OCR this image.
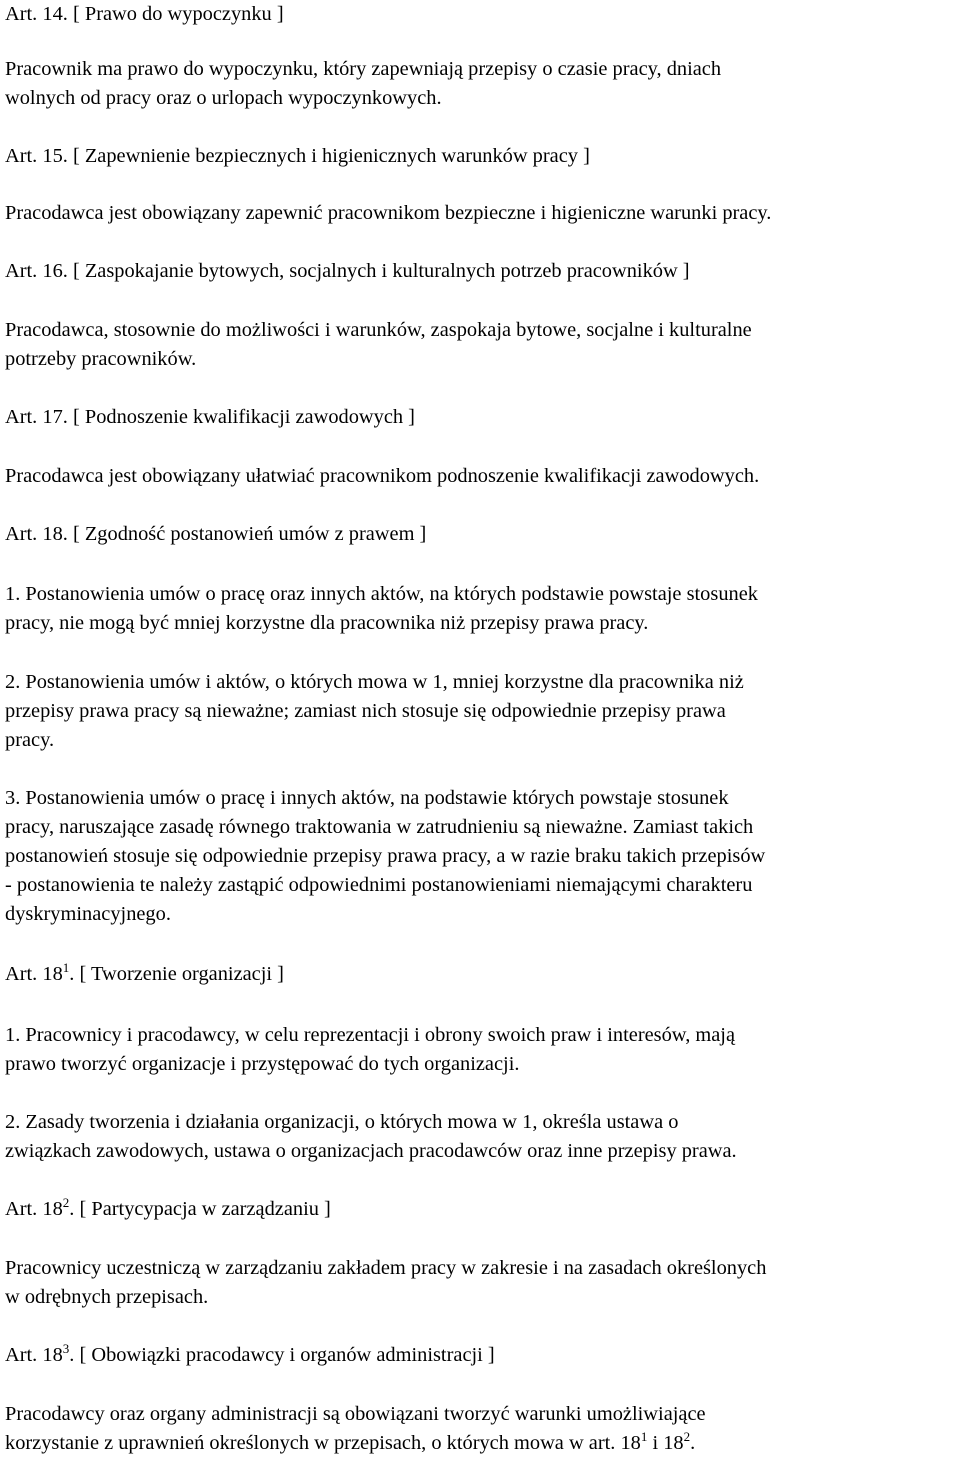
Art. 14. [ Prawo do wypoczynku ]
Pracownik ma prawo do wypoczynku, który zapewniają przepisy o czasie pracy, dniach
wolnych od pracy oraz o urlopach wypoczynkowych.
Art. 15. [ Zapewnienie bezpiecznych i higienicznych warunków pracy ]
Pracodawca jest obowiązany zapewnić pracownikom bezpieczne i higieniczne warunki pracy.
Art. 16. [ Zaspokajanie bytowych, socjalnych i kulturalnych potrzeb pracowników ]
Pracodawca, stosownie do możliwości i warunków, zaspokaja bytowe, socjalne i kulturalne
potrzeby pracowników.
Art. 17. [ Podnoszenie kwalifikacji zawodowych ]
Pracodawca jest obowiązany ułatwiać pracownikom podnoszenie kwalifikacji zawodowych.
Art. 18. [ Zgodność postanowień umów z prawem ]
1. Postanowienia umów o pracę oraz innych aktów, na których podstawie powstaje stosunek
pracy, nie mogą być mniej korzystne dla pracownika niż przepisy prawa pracy.
2. Postanowienia umów i aktów, o których mowa w 1, mniej korzystne dla pracownika niż
przepisy prawa pracy są nieważne; zamiast nich stosuje się odpowiednie przepisy prawa
pracy.
3. Postanowienia umów o pracę i innych aktów, na podstawie których powstaje stosunek
pracy, naruszające zasadę równego traktowania w zatrudnieniu są nieważne. Zamiast takich
postanowień stosuje się odpowiednie przepisy prawa pracy, a w razie braku takich przepisów
- postanowienia te należy zastąpić odpowiednimi postanowieniami niemającymi charakteru
dyskryminacyjnego.
Art. $18^1$. [ Tworzenie organizacji ]
1. Pracownicy i pracodawcy, w celu reprezentacji i obrony swoich praw i interesów, mają
prawo tworzyć organizacje i przystępować do tych organizacji.
2. Zasady tworzenia i działania organizacji, o których mowa w 1, określa ustawa o
związkach zawodowych, ustawa o organizacjach pracodawców oraz inne przepisy prawa.
Art. $18^2$. [ Partycypacja w zarządzaniu ]
Pracownicy uczestniczą w zarządzaniu zakładem pracy w zakresie i na zasadach określonych
w odrębnych przepisach.
Art. $18^3$. [ Obowiązki pracodawcy i organów administracji ]
Pracodawcy oraz organy administracji są obowiązani tworzyć warunki umożliwiające
korzystanie z uprawnień określonych w przepisach, o których mowa w art. $18^1$ i $18^2$.
